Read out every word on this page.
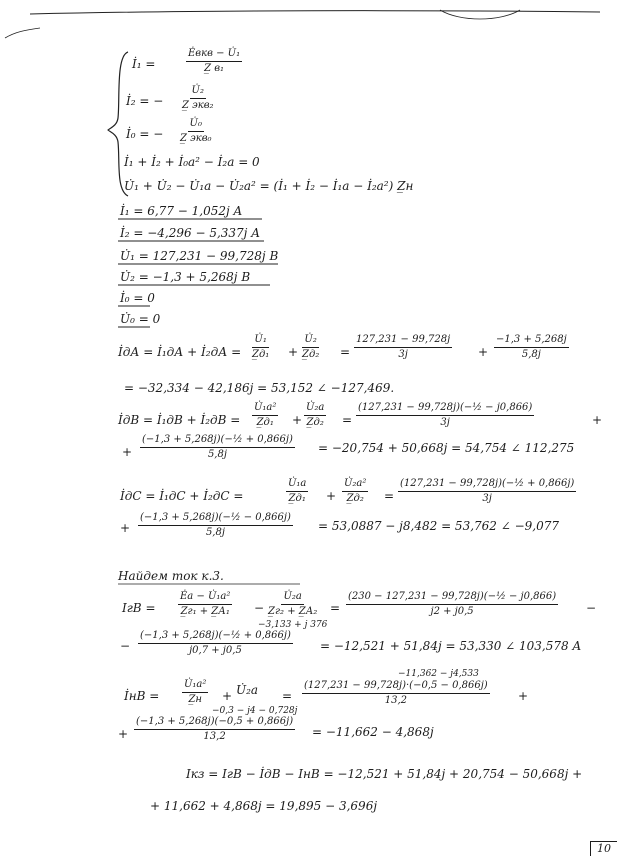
İ₁ =
Ėвкв − U̇₁
Z̲ в₁
İ₂ = −
U̇₂
Z̲ экв₂
İ₀ = −
U̇₀
Z̲ экв₀
İ₁ + İ₂ + İ₀a² − İ₂a = 0
U̇₁ + U̇₂ − U̇₁a − U̇₂a² = (İ₁ + İ₂ − İ₁a − İ₂a²) Z̲н
İ₁ = 6,77 − 1,052j A
İ₂ = −4,296 − 5,337j A
U̇₁ = 127,231 − 99,728j B
U̇₂ = −1,3 + 5,268j B
İ₀ = 0
U̇₀ = 0
İдА = İ₁дА + İ₂дА =
U̇₁
Z̲д₁ +
U̇₂
Z̲д₂ = $\frac{127,231 - 99,728j}{3j} + \frac{-1,3 + 5,268j}{5,8j}$
= −32,334 − 42,186j = 53,152 ∠ −127,469.
İдВ = İ₁дВ + İ₂дВ =
U̇₁a²
Z̲д₁ +
U̇₂a
Z̲д₂ = $\frac{\text{(127,231 − 99,728j)(−½ − j0,866)}}{3j}$	+
+ $\frac{\text{(−1,3 + 5,268j)(−½ + 0,866j)}}{5,8j} = -20,754 + 50,668j = 54,754$ ∠ 112,275
İдС = İ₁дС + İ₂дС =
U̇₁a
Z̲д₁ +
U̇₂a²
Z̲д₂ = $\frac{\text{(127,231 − 99,728j)(−½ + 0,866j)}}{3j}$
+ $\frac{\text{(−1,3 + 5,268j)(−½ − 0,866j)}}{5,8j} = 53,0887 - j8,482 = 53,762$ ∠ −9,077
Найдем ток к.3.
IгВ =
Ėa − U̇₁a²
Z̲г₁ + Z̲А₁ −
U̇₂a
Z̲г₂ + Z̲А₂
−3,133 + j 376
= $\frac{\text{(230 − 127,231 − 99,728j)(−½ − j0,866)}}{j2 + j0,5}$ −
− $\frac{\text{(−1,3 + 5,268j)(−½ + 0,866j)}}{j0,7 + j0,5} = -12,521 + 51,84j = 53,330$ ∠ 103,578 A
−11,362 − j4,533
İнВ =
U̇₁a²
Z̲н + U̇₂a
−0,3 − j4 − 0,728j
= $\frac{(127,231 - 99,728j)\cdot(-0,5 - 0,866j)}{13,2}$ +
+ $\frac{(-1,3 + 5,268j)(-0,5 + 0,866j)}{13,2} = -11,662 - 4,868j$
Iкз = IгВ − İдВ − IнВ = −12,521 + 51,84j + 20,754 − 50,668j +
+ 11,662 + 4,868j = 19,895 − 3,696j
10
